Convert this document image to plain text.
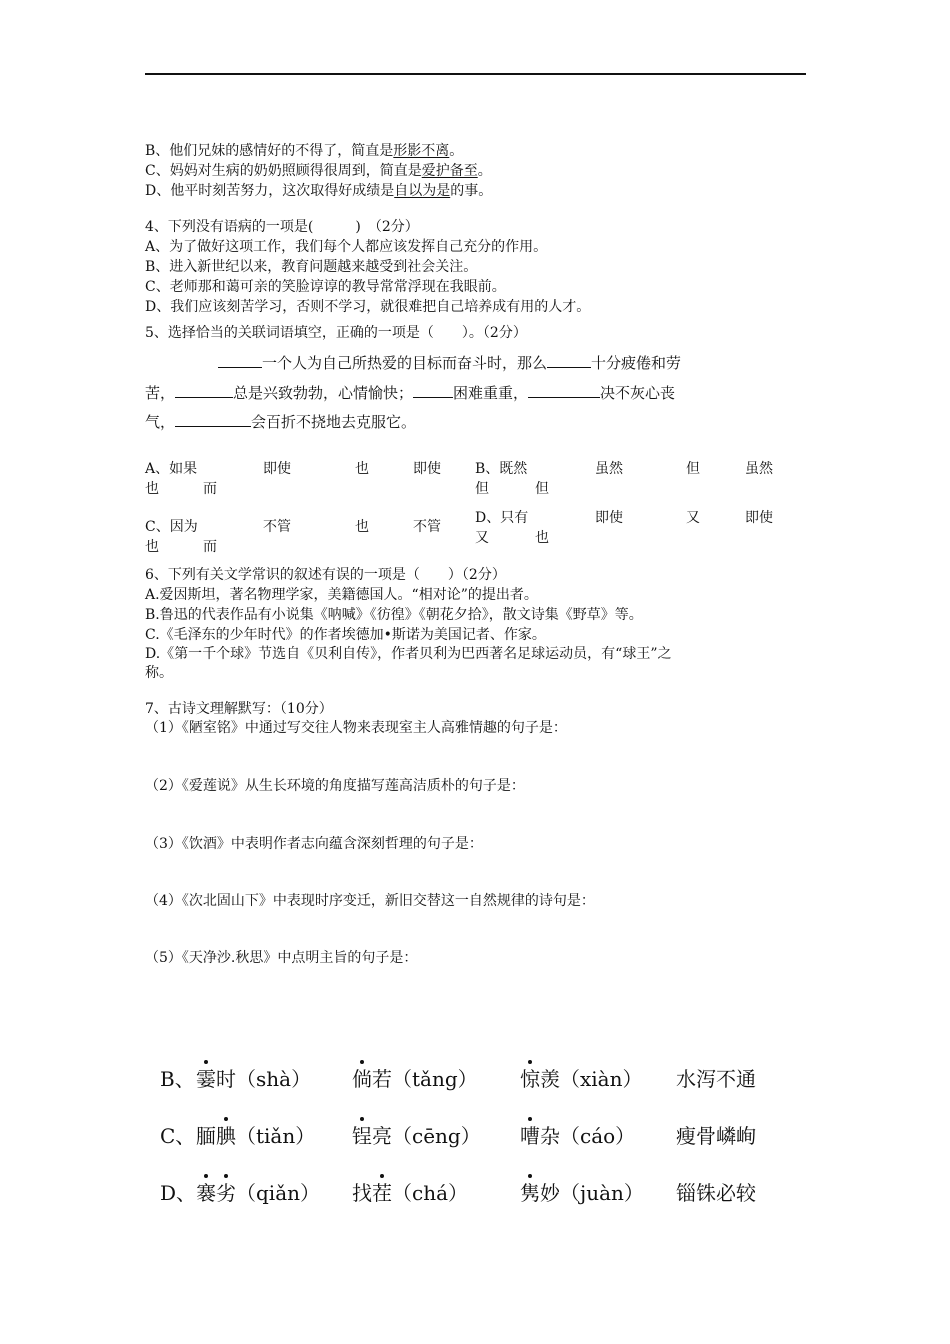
B、他们兄妹的感情好的不得了，简直是形影不离。
C、妈妈对生病的奶奶照顾得很周到，简直是爱护备至。
D、他平时刻苦努力，这次取得好成绩是自以为是的事。
4、下列没有语病的一项是(　　　)　（2分）
A、为了做好这项工作，我们每个人都应该发挥自己充分的作用。
B、进入新世纪以来，教育问题越来越受到社会关注。
C、老师那和蔼可亲的笑脸谆谆的教导常常浮现在我眼前。
D、我们应该刻苦学习，否则不学习，就很难把自己培养成有用的人才。
5、选择恰当的关联词语填空，正确的一项是（　　）。（2分）
一个人为自己所热爱的目标而奋斗时，那么	十分疲倦和劳
苦，	总是兴致勃勃，心情愉快；	困难重重，	决不灰心丧
气，	会百折不挠地去克服它。
A、如果	即使	也	即使
也	而
B、既然	虽然	但	虽然
但	但
C、因为	不管	也	不管
也	而
D、只有	即使	又	即使
又	也
6、下列有关文学常识的叙述有误的一项是（　　）（2分）
A.爱因斯坦，著名物理学家，美籍德国人。“相对论”的提出者。
B.鲁迅的代表作品有小说集《呐喊》《彷徨》《朝花夕拾》，散文诗集《野草》等。
C.《毛泽东的少年时代》的作者埃德加•斯诺为美国记者、作家。
D.《第一千个球》节选自《贝利自传》，作者贝利为巴西著名足球运动员，有“球王”之
称。
7、古诗文理解默写：（10分）
（1）《陋室铭》中通过写交往人物来表现室主人高雅情趣的句子是：
（2）《爱莲说》从生长环境的角度描写莲高洁质朴的句子是：
（3）《饮酒》中表明作者志向蕴含深刻哲理的句子是：
（4）《次北固山下》中表现时序变迁，新旧交替这一自然规律的诗句是：
（5）《天净沙.秋思》中点明主旨的句子是：
B、 霎时（shà） 倘若（tǎng） 惊羡（xiàn） 水泻不通
C、 腼腆（tiǎn） 锃亮（cēng） 嘈杂（cáo） 瘦骨嶙峋
D、 褰劣（qiǎn） 找茬（chá）	隽妙（juàn） 锱铢必较
